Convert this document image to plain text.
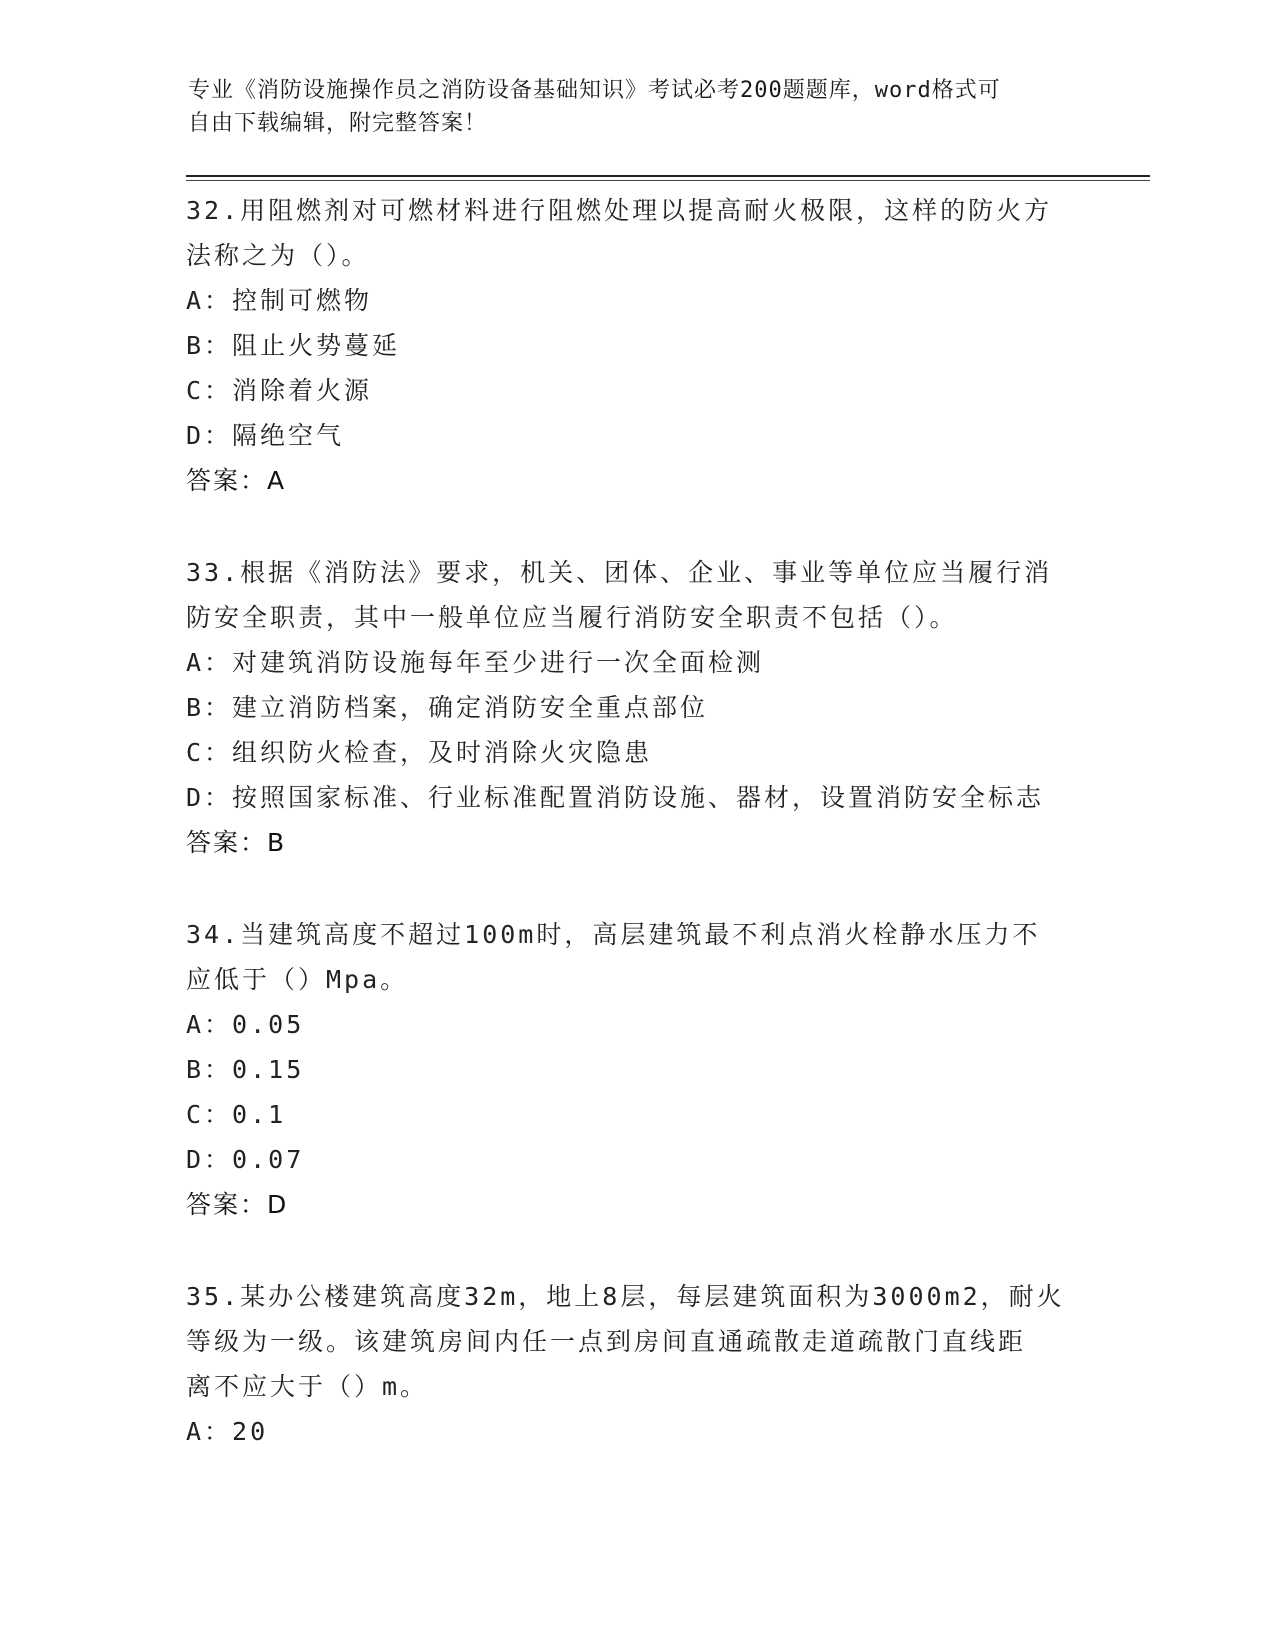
专业《消防设施操作员之消防设备基础知识》考试必考200题题库，word格式可
自由下载编辑，附完整答案！
32.用阻燃剂对可燃材料进行阻燃处理以提高耐火极限，这样的防火方
法称之为（）。
A：控制可燃物
B：阻止火势蔓延
C：消除着火源
D：隔绝空气
答案：A
33.根据《消防法》要求，机关、团体、企业、事业等单位应当履行消
防安全职责，其中一般单位应当履行消防安全职责不包括（）。
A：对建筑消防设施每年至少进行一次全面检测
B：建立消防档案，确定消防安全重点部位
C：组织防火检查，及时消除火灾隐患
D：按照国家标准、行业标准配置消防设施、器材，设置消防安全标志
答案：B
34.当建筑高度不超过100m时，高层建筑最不利点消火栓静水压力不
应低于（）Mpa。
A：0.05
B：0.15
C：0.1
D：0.07
答案：D
35.某办公楼建筑高度32m，地上8层，每层建筑面积为3000m2，耐火
等级为一级。该建筑房间内任一点到房间直通疏散走道疏散门直线距
离不应大于（）m。
A：20
